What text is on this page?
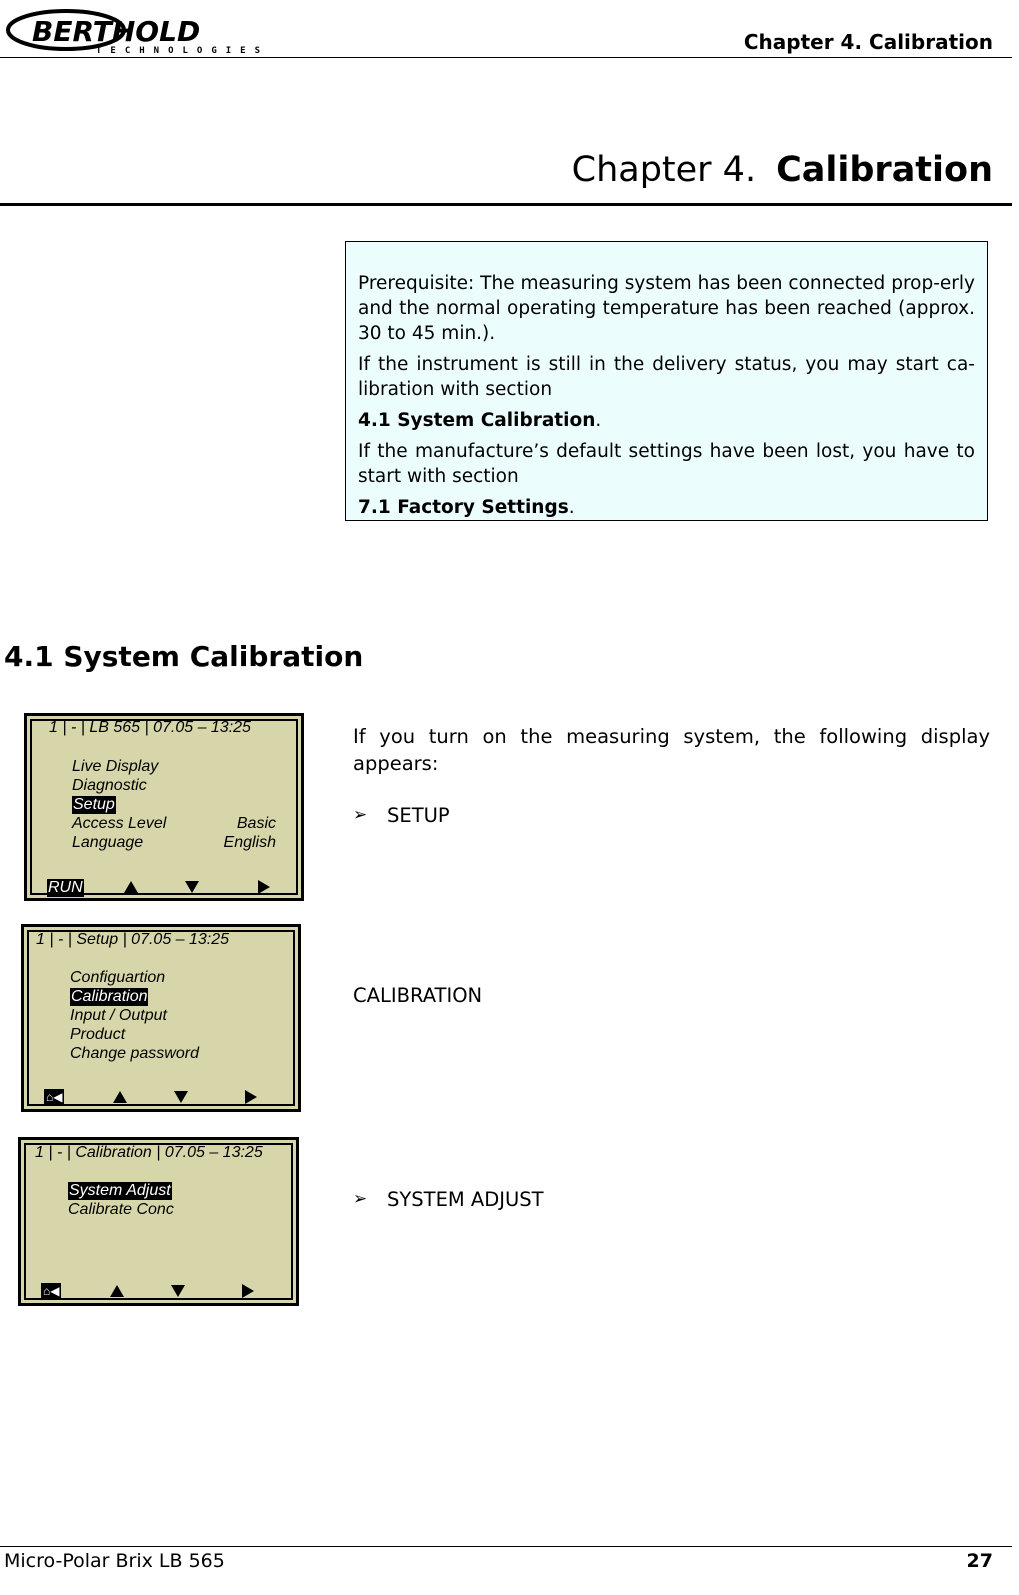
BERTHOLD
TECHNOLOGIES	Chapter 4. Calibration
Chapter 4. Calibration

Prerequisite: The measuring system has been connected prop-erly and the normal operating temperature has been reached (approx. 30 to 45 min.).

If the instrument is still in the delivery status, you may start ca-libration with section

4.1 System Calibration.

If the manufacture’s default settings have been lost, you have to start with section

7.1 Factory Settings.

4.1 System Calibration
1 | - | LB 565 | 07.05 – 13:25
Live Display
Diagnostic
Setup
Access Level	Basic
Language	English
RUN
1 | - | Setup | 07.05 – 13:25
Configuartion
Calibration
Input / Output
Product
Change password
⌂◀
1 | - | Calibration | 07.05 – 13:25
System Adjust
Calibrate Conc
⌂◀
If you turn on the measuring system, the following display appears:
➢	SETUP
CALIBRATION
➢	SYSTEM ADJUST
Micro-Polar Brix LB 565	27
